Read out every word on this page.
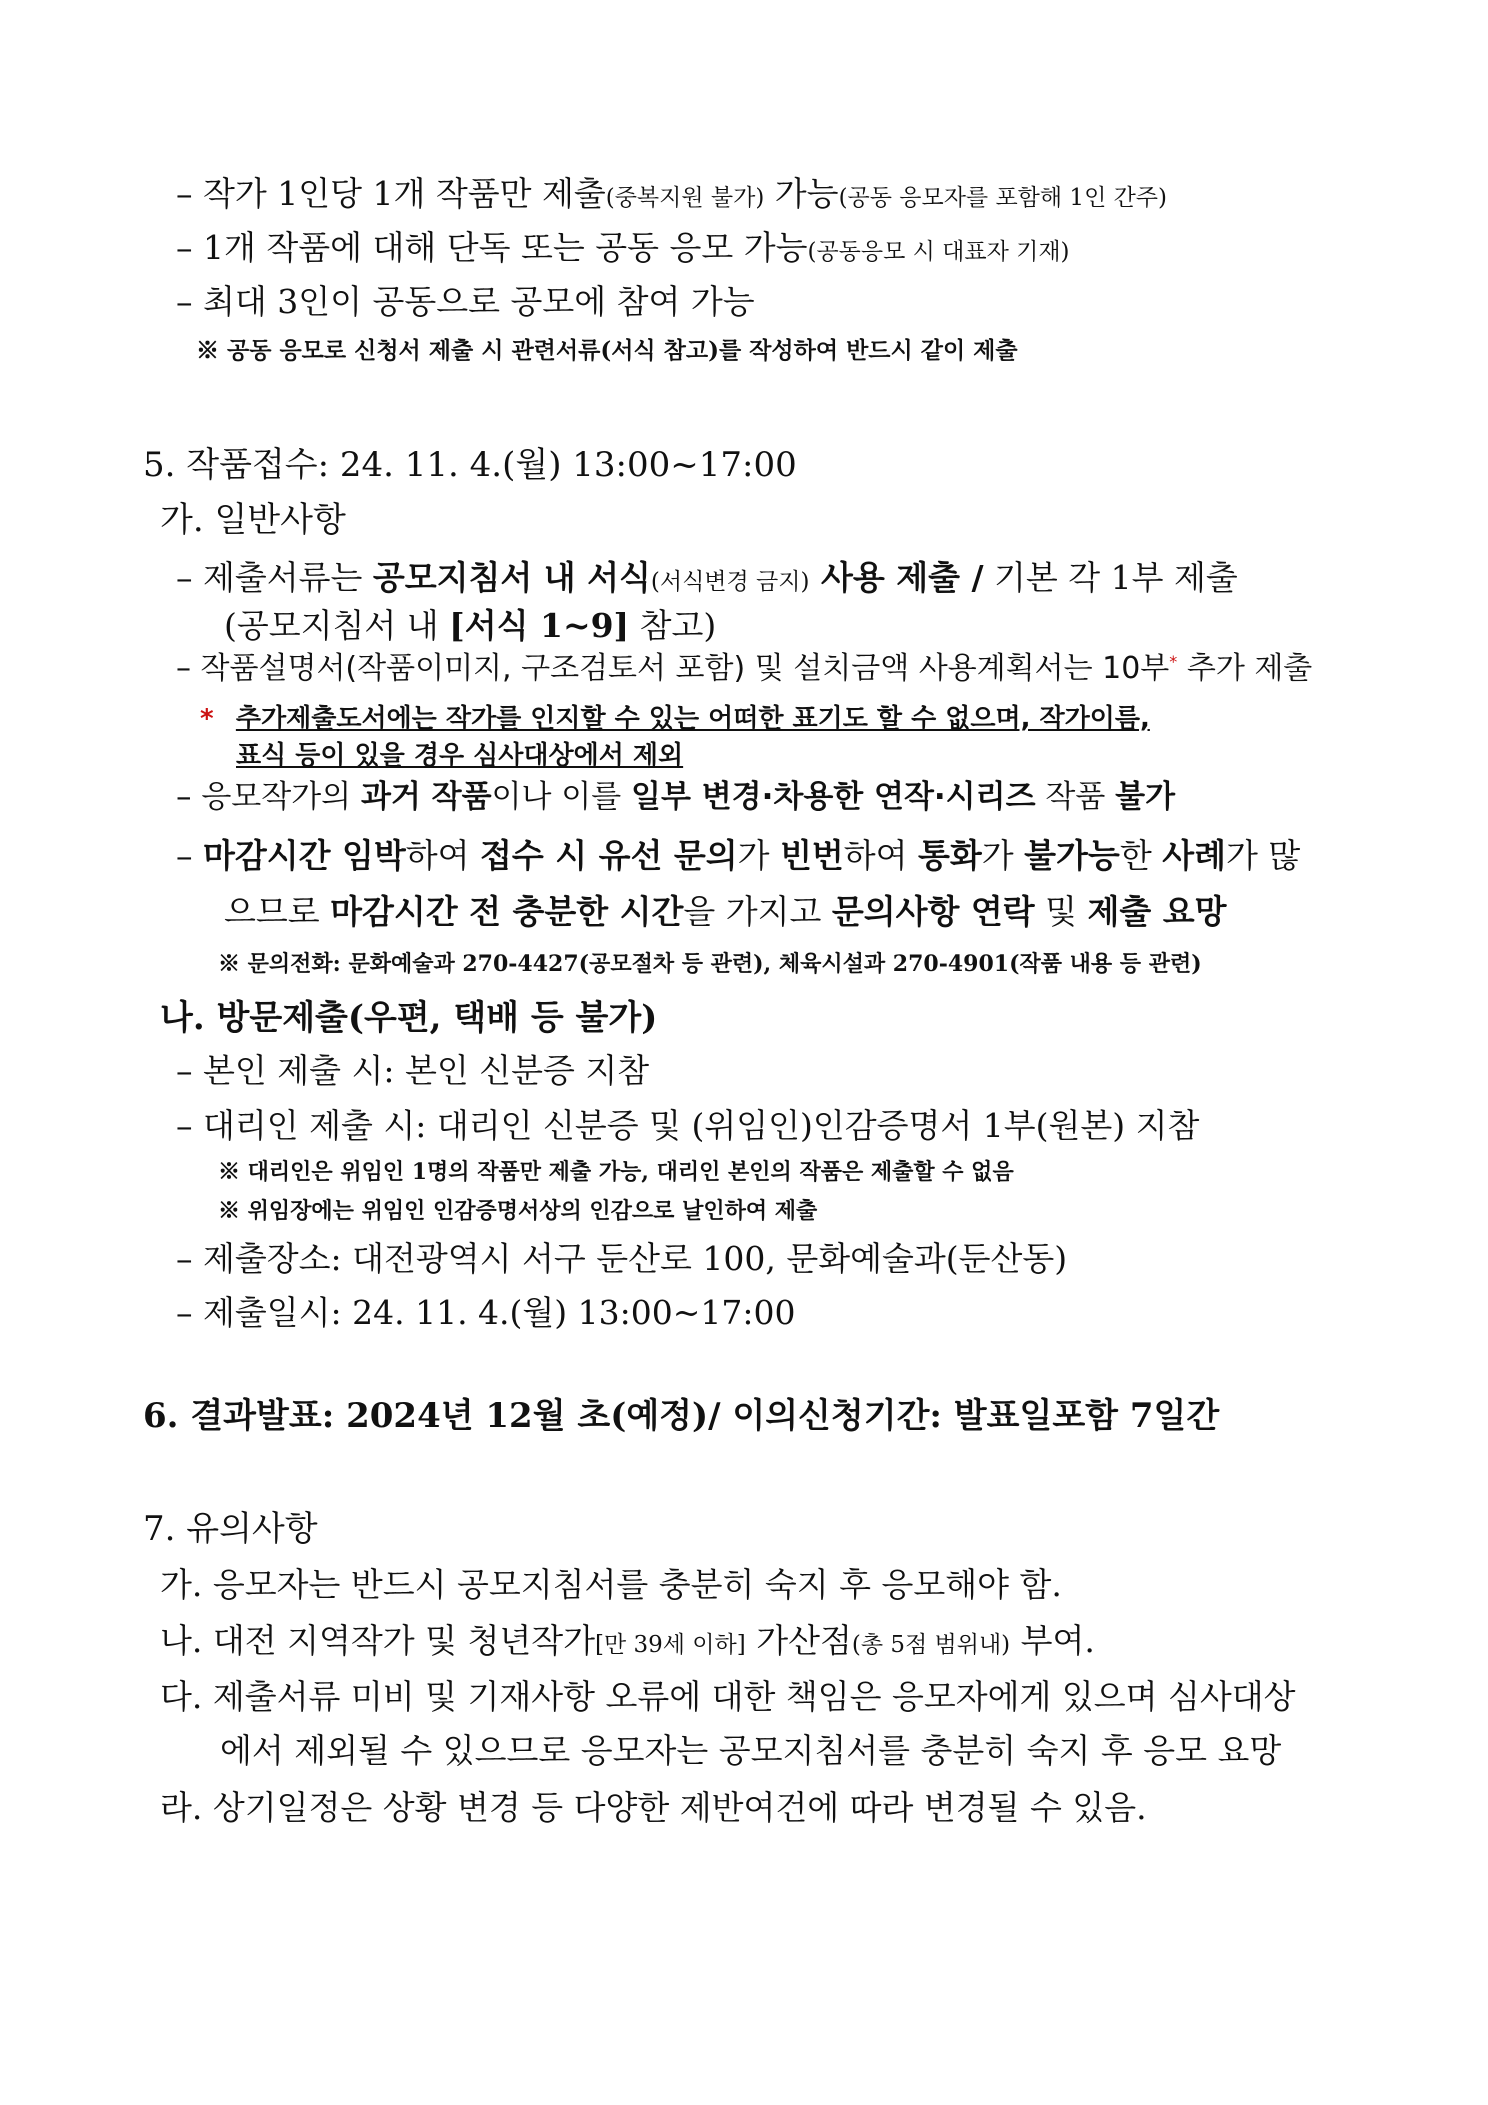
– 작가 1인당 1개 작품만 제출(중복지원 불가) 가능(공동 응모자를 포함해 1인 간주)
– 1개 작품에 대해 단독 또는 공동 응모 가능(공동응모 시 대표자 기재)
– 최대 3인이 공동으로 공모에 참여 가능
※ 공동 응모로 신청서 제출 시 관련서류(서식 참고)를 작성하여 반드시 같이 제출
5. 작품접수: 24. 11. 4.(월) 13:00~17:00
가. 일반사항
– 제출서류는 공모지침서 내 서식(서식변경 금지) 사용 제출 / 기본 각 1부 제출
(공모지침서 내 [서식 1~9] 참고)
– 작품설명서(작품이미지, 구조검토서 포함) 및 설치금액 사용계획서는 10부* 추가 제출
* 추가제출도서에는 작가를 인지할 수 있는 어떠한 표기도 할 수 없으며, 작가이름,
표식 등이 있을 경우 심사대상에서 제외
– 응모작가의 과거 작품이나 이를 일부 변경·차용한 연작·시리즈 작품 불가
– 마감시간 임박하여 접수 시 유선 문의가 빈번하여 통화가 불가능한 사례가 많
으므로 마감시간 전 충분한 시간을 가지고 문의사항 연락 및 제출 요망
※ 문의전화: 문화예술과 270-4427(공모절차 등 관련), 체육시설과 270-4901(작품 내용 등 관련)
나. 방문제출(우편, 택배 등 불가)
– 본인 제출 시: 본인 신분증 지참
– 대리인 제출 시: 대리인 신분증 및 (위임인)인감증명서 1부(원본) 지참
※ 대리인은 위임인 1명의 작품만 제출 가능, 대리인 본인의 작품은 제출할 수 없음
※ 위임장에는 위임인 인감증명서상의 인감으로 날인하여 제출
– 제출장소: 대전광역시 서구 둔산로 100, 문화예술과(둔산동)
– 제출일시: 24. 11. 4.(월) 13:00~17:00
6. 결과발표: 2024년 12월 초(예정)/ 이의신청기간: 발표일포함 7일간
7. 유의사항
가. 응모자는 반드시 공모지침서를 충분히 숙지 후 응모해야 함.
나. 대전 지역작가 및 청년작가[만 39세 이하] 가산점(총 5점 범위내) 부여.
다. 제출서류 미비 및 기재사항 오류에 대한 책임은 응모자에게 있으며 심사대상
에서 제외될 수 있으므로 응모자는 공모지침서를 충분히 숙지 후 응모 요망
라. 상기일정은 상황 변경 등 다양한 제반여건에 따라 변경될 수 있음.
